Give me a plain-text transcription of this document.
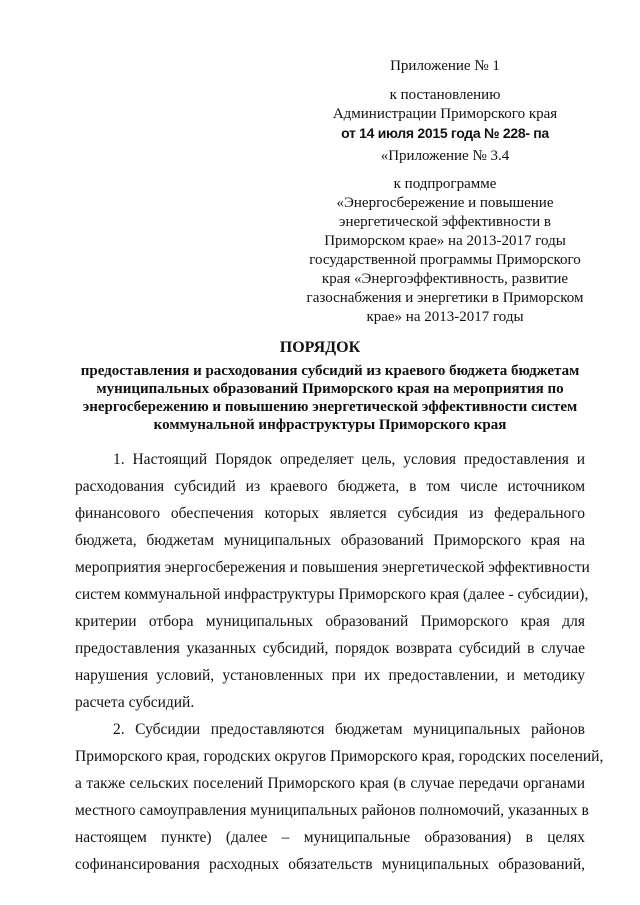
Приложение № 1
к постановлению
Администрации Приморского края
от 14 июля 2015 года № 228- па
«Приложение № 3.4
к подпрограмме
«Энергосбережение и повышение
энергетической эффективности в
Приморском крае» на 2013-2017 годы
государственной программы Приморского
края «Энергоэффективность, развитие
газоснабжения и энергетики в Приморском
крае» на 2013-2017 годы
ПОРЯДОК
предоставления и расходования субсидий из краевого бюджета бюджетам
муниципальных образований Приморского края на мероприятия по
энергосбережению и повышению энергетической эффективности систем
коммунальной инфраструктуры Приморского края
1. Настоящий Порядок определяет цель, условия предоставления и
расходования субсидий из краевого бюджета, в том числе источником
финансового обеспечения которых является субсидия из федерального
бюджета, бюджетам муниципальных образований Приморского края на
мероприятия энергосбережения и повышения энергетической эффективности
систем коммунальной инфраструктуры Приморского края (далее - субсидии),
критерии отбора муниципальных образований Приморского края для
предоставления указанных субсидий, порядок возврата субсидий в случае
нарушения условий, установленных при их предоставлении, и методику
расчета субсидий.
2. Субсидии предоставляются бюджетам муниципальных районов
Приморского края, городских округов Приморского края, городских поселений,
а также сельских поселений Приморского края (в случае передачи органами
местного самоуправления муниципальных районов полномочий, указанных в
настоящем пункте) (далее – муниципальные образования) в целях
софинансирования расходных обязательств муниципальных образований,
